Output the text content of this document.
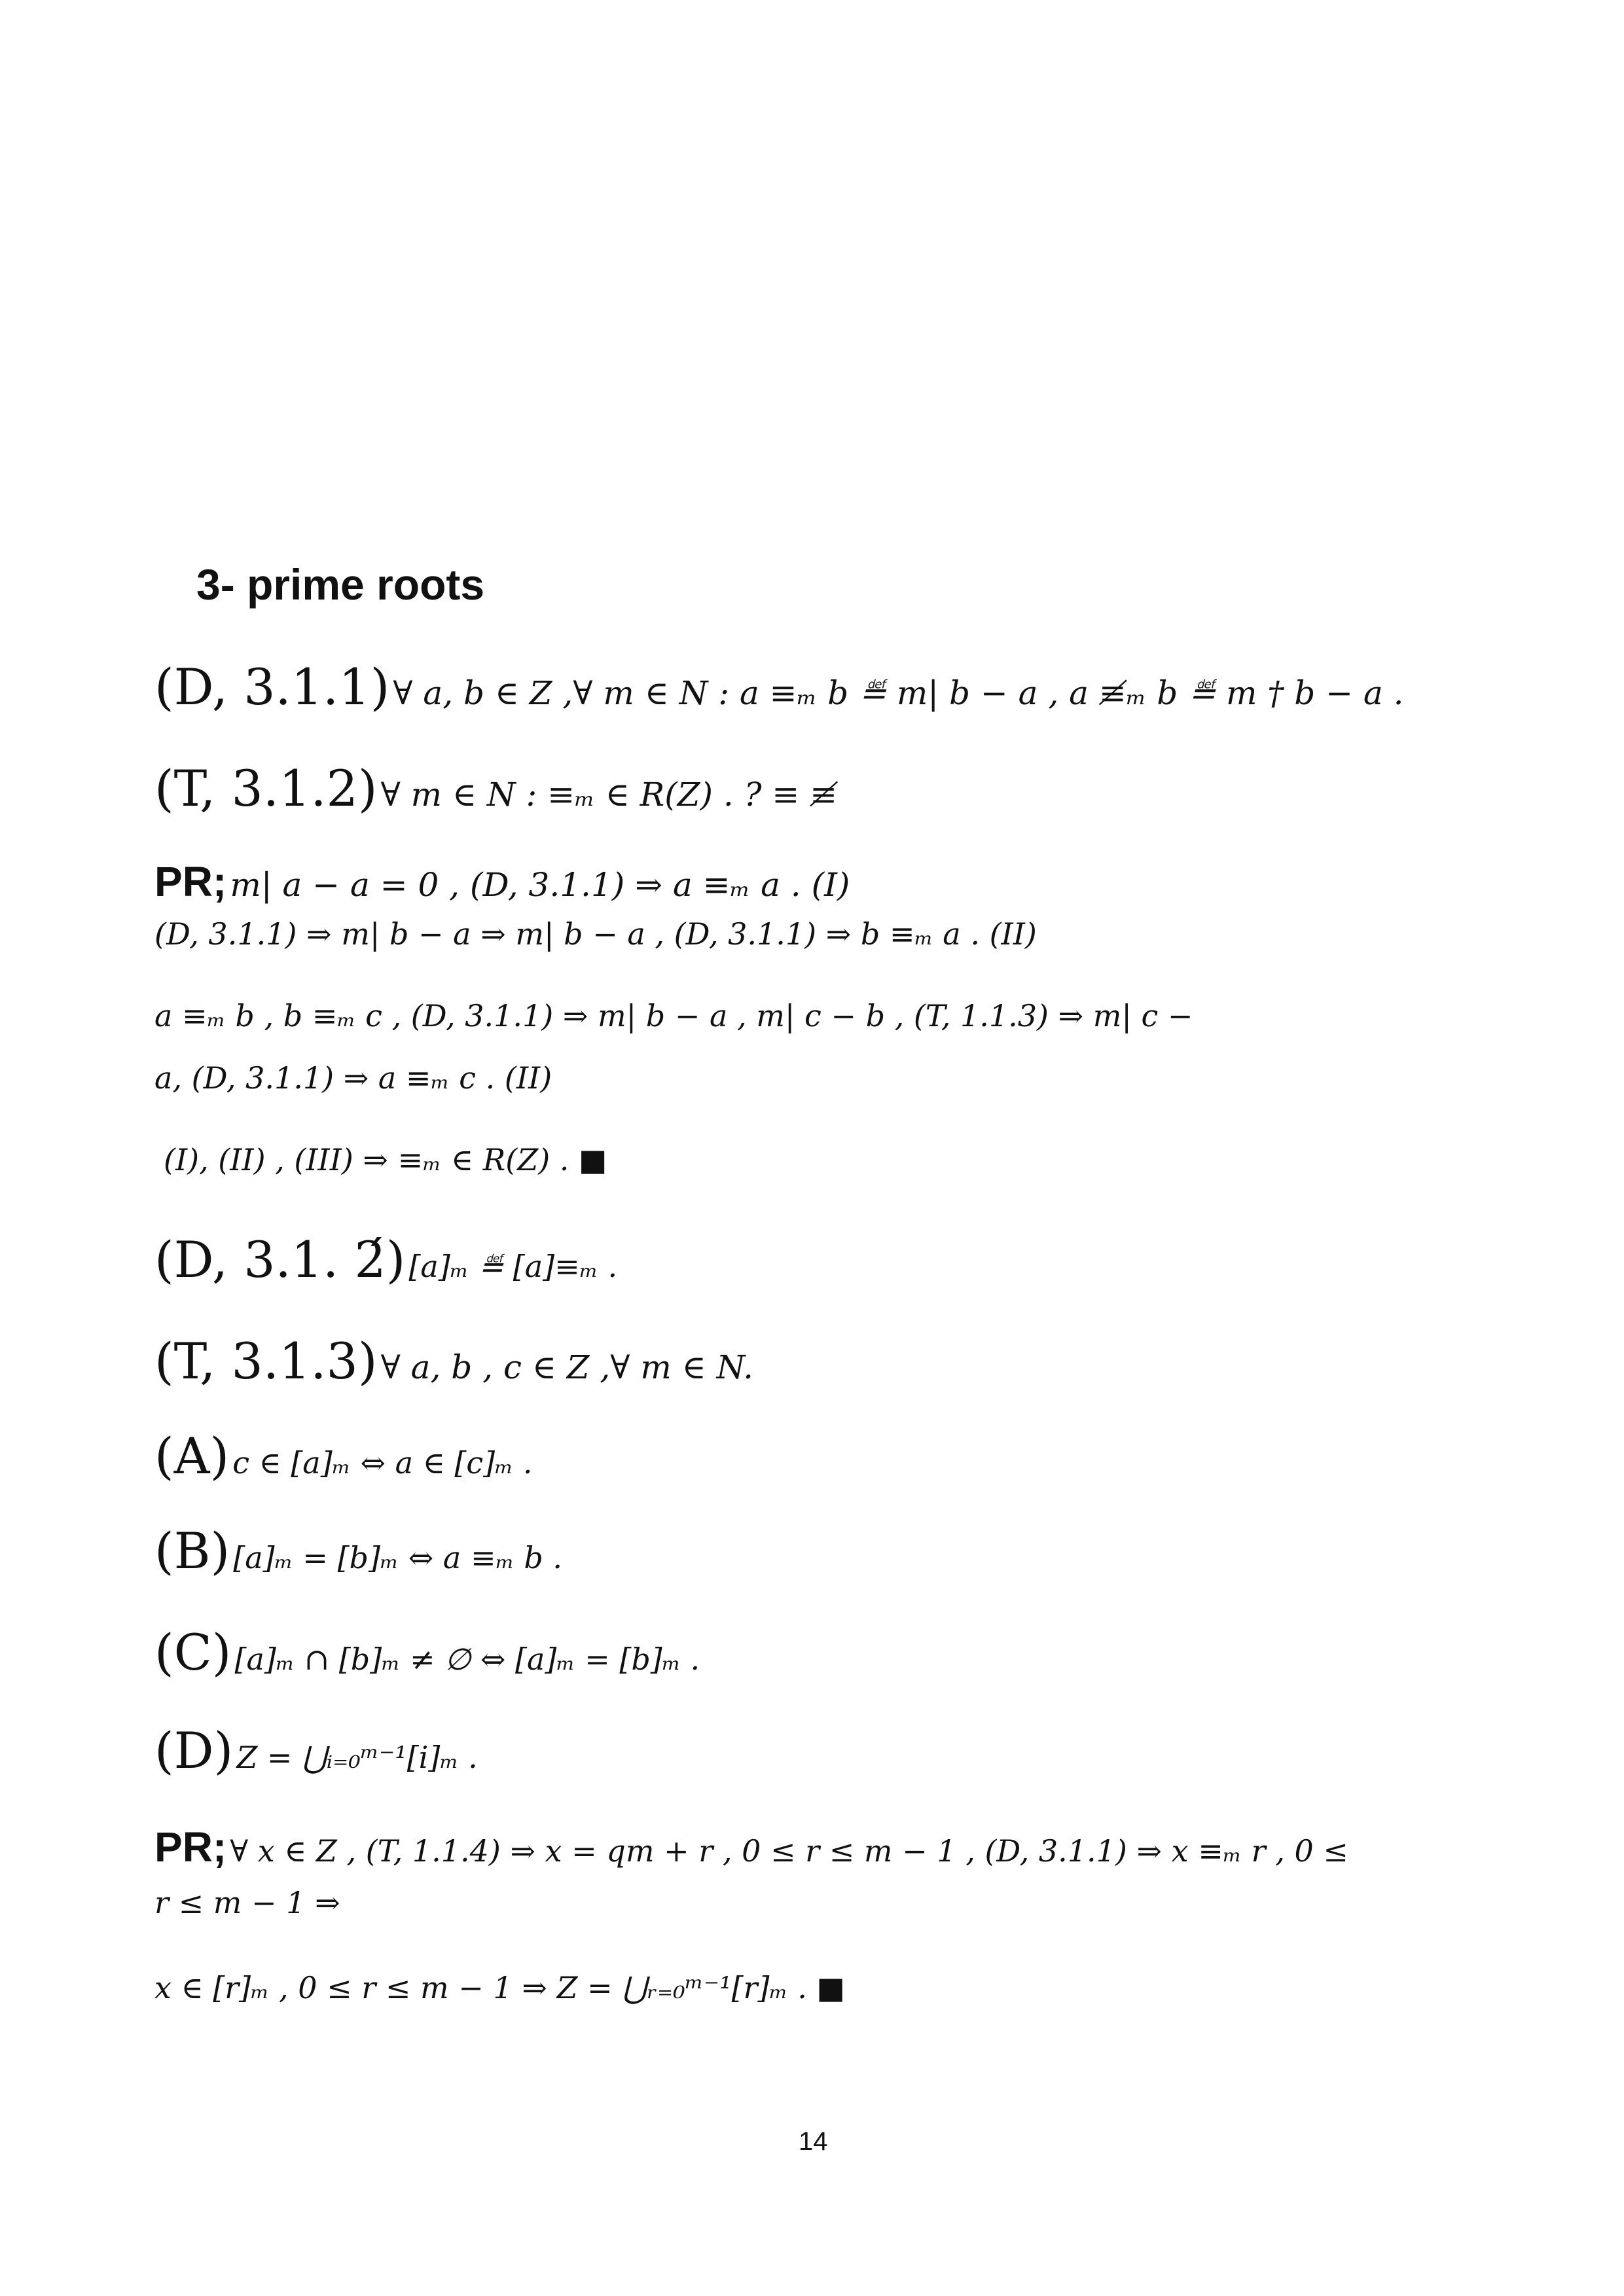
3- prime roots
(D, 3.1.1) ∀ a, b ∈ Z ,∀ m ∈ N : a ≡ₘ b ≝ m| b − a , a ≢ₘ b ≝ m † b − a .
(T, 3.1.2) ∀ m ∈ N : ≡ₘ ∈ R(Z) . ? ≡ ≢
PR; m| a − a = 0 , (D, 3.1.1) ⇒ a ≡ₘ a . (I)
(D, 3.1.1) ⇒ m| b − a ⇒ m| b − a , (D, 3.1.1) ⇒ b ≡ₘ a . (II)
a ≡ₘ b , b ≡ₘ c , (D, 3.1.1) ⇒ m| b − a , m| c − b , (T, 1.1.3) ⇒ m| c −
a, (D, 3.1.1) ⇒ a ≡ₘ c . (II)
(I), (II) , (III) ⇒ ≡ₘ ∈ R(Z) . ■
(D, 3.1. 2́) [a]ₘ ≝ [a]≡ₘ .
(T, 3.1.3) ∀ a, b , c ∈ Z ,∀ m ∈ N.
(A) c ∈ [a]ₘ ⇔ a ∈ [c]ₘ .
(B) [a]ₘ = [b]ₘ ⇔ a ≡ₘ b .
(C) [a]ₘ ∩ [b]ₘ ≠ ∅ ⇔ [a]ₘ = [b]ₘ .
(D) Z = ⋃ᵢ₌₀ᵐ⁻¹[i]ₘ .
PR; ∀ x ∈ Z , (T, 1.1.4) ⇒ x = qm + r , 0 ≤ r ≤ m − 1 , (D, 3.1.1) ⇒ x ≡ₘ r , 0 ≤
r ≤ m − 1 ⇒
x ∈ [r]ₘ , 0 ≤ r ≤ m − 1 ⇒ Z = ⋃ᵣ₌₀ᵐ⁻¹[r]ₘ . ■
14
